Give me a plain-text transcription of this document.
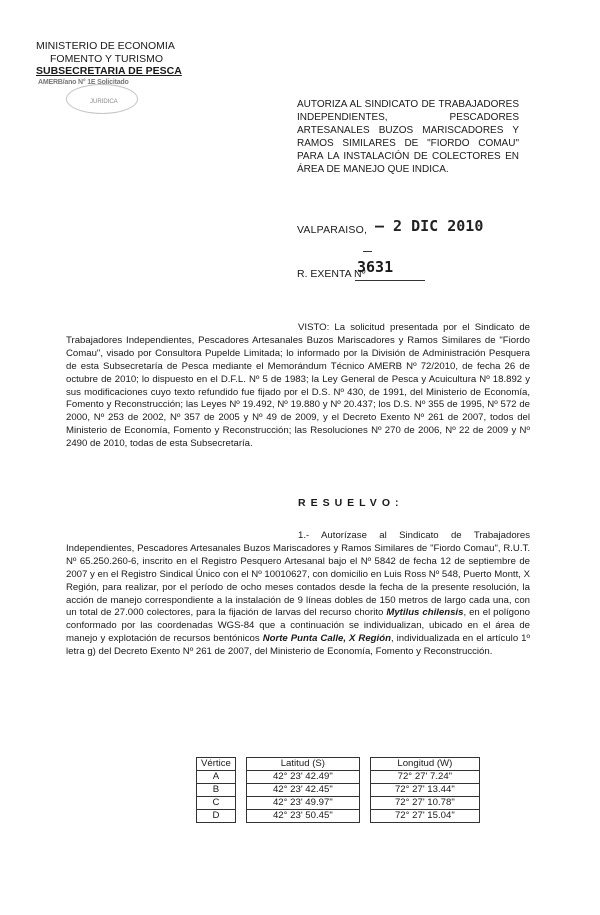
MINISTERIO DE ECONOMIA
FOMENTO Y TURISMO
SUBSECRETARIA DE PESCA
AMERB/ano N° 1E Solicitado
JURIDICA	AUTORIZA AL SINDICATO DE TRABAJADORES INDEPENDIENTES, PESCADORES ARTESANALES BUZOS MARISCADORES Y RAMOS SIMILARES DE "FIORDO COMAU" PARA LA INSTALACIÓN DE COLECTORES EN ÁREA DE MANEJO QUE INDICA.
VALPARAISO, – 2 DIC 2010
R. EXENTA Nº
3631
VISTO: La solicitud presentada por el Sindicato de Trabajadores Independientes, Pescadores Artesanales Buzos Mariscadores y Ramos Similares de "Fiordo Comau", visado por Consultora Pupelde Limitada; lo informado por la División de Administración Pesquera de esta Subsecretaría de Pesca mediante el Memorándum Técnico AMERB Nº 72/2010, de fecha 26 de octubre de 2010; lo dispuesto en el D.F.L. Nº 5 de 1983; la Ley General de Pesca y Acuicultura Nº 18.892 y sus modificaciones cuyo texto refundido fue fijado por el D.S. Nº 430, de 1991, del Ministerio de Economía, Fomento y Reconstrucción; las Leyes Nº 19.492, Nº 19.880 y Nº 20.437; los D.S. Nº 355 de 1995, Nº 572 de 2000, Nº 253 de 2002, Nº 357 de 2005 y Nº 49 de 2009, y el Decreto Exento Nº 261 de 2007, todos del Ministerio de Economía, Fomento y Reconstrucción; las Resoluciones Nº 270 de 2006, Nº 22 de 2009 y Nº 2490 de 2010, todas de esta Subsecretaría.
RESUELVO:
1.- Autorízase al Sindicato de Trabajadores Independientes, Pescadores Artesanales Buzos Mariscadores y Ramos Similares de "Fiordo Comau", R.U.T. Nº 65.250.260-6, inscrito en el Registro Pesquero Artesanal bajo el Nº 5842 de fecha 12 de septiembre de 2007 y en el Registro Sindical Único con el Nº 10010627, con domicilio en Luis Ross Nº 548, Puerto Montt, X Región, para realizar, por el período de ocho meses contados desde la fecha de la presente resolución, la acción de manejo correspondiente a la instalación de 9 líneas dobles de 150 metros de largo cada una, con un total de 27.000 colectores, para la fijación de larvas del recurso chorito Mytilus chilensis, en el polígono conformado por las coordenadas WGS-84 que a continuación se individualizan, ubicado en el área de manejo y explotación de recursos bentónicos Norte Punta Calle, X Región, individualizada en el artículo 1º letra g) del Decreto Exento Nº 261 de 2007, del Ministerio de Economía, Fomento y Reconstrucción.
Vértice		Latitud (S)		Longitud (W)
A		42° 23' 42.49"		72° 27' 7.24"
B		42° 23' 42.45"		72° 27' 13.44"
C		42° 23' 49.97"		72° 27' 10.78"
D		42° 23' 50.45"		72° 27' 15.04"
